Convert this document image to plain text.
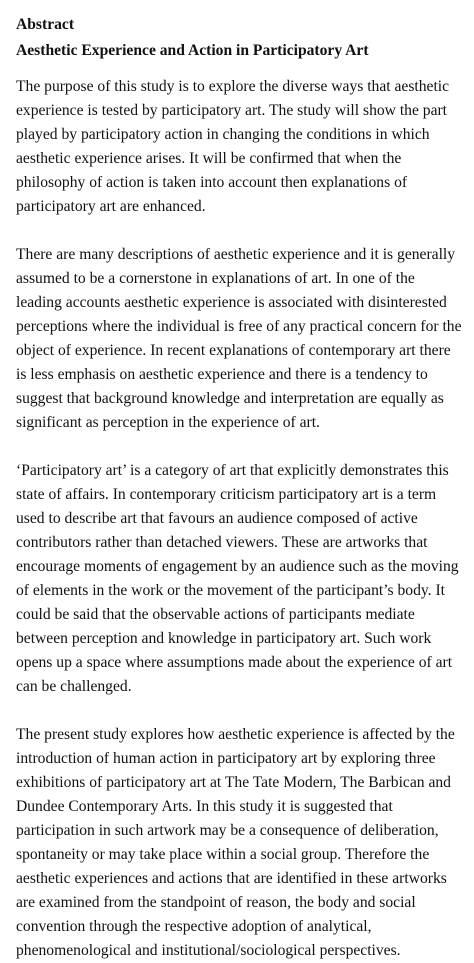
Abstract
Aesthetic Experience and Action in Participatory Art

The purpose of this study is to explore the diverse ways that aesthetic experience is tested by participatory art. The study will show the part played by participatory action in changing the conditions in which aesthetic experience arises. It will be confirmed that when the philosophy of action is taken into account then explanations of participatory art are enhanced.

There are many descriptions of aesthetic experience and it is generally assumed to be a cornerstone in explanations of art. In one of the leading accounts aesthetic experience is associated with disinterested perceptions where the individual is free of any practical concern for the object of experience. In recent explanations of contemporary art there is less emphasis on aesthetic experience and there is a tendency to suggest that background knowledge and interpretation are equally as significant as perception in the experience of art.

‘Participatory art’ is a category of art that explicitly demonstrates this state of affairs. In contemporary criticism participatory art is a term used to describe art that favours an audience composed of active contributors rather than detached viewers. These are artworks that encourage moments of engagement by an audience such as the moving of elements in the work or the movement of the participant’s body. It could be said that the observable actions of participants mediate between perception and knowledge in participatory art. Such work opens up a space where assumptions made about the experience of art can be challenged.

The present study explores how aesthetic experience is affected by the introduction of human action in participatory art by exploring three exhibitions of participatory art at The Tate Modern, The Barbican and Dundee Contemporary Arts. In this study it is suggested that participation in such artwork may be a consequence of deliberation, spontaneity or may take place within a social group. Therefore the aesthetic experiences and actions that are identified in these artworks are examined from the standpoint of reason, the body and social convention through the respective adoption of analytical, phenomenological and institutional/sociological perspectives.
